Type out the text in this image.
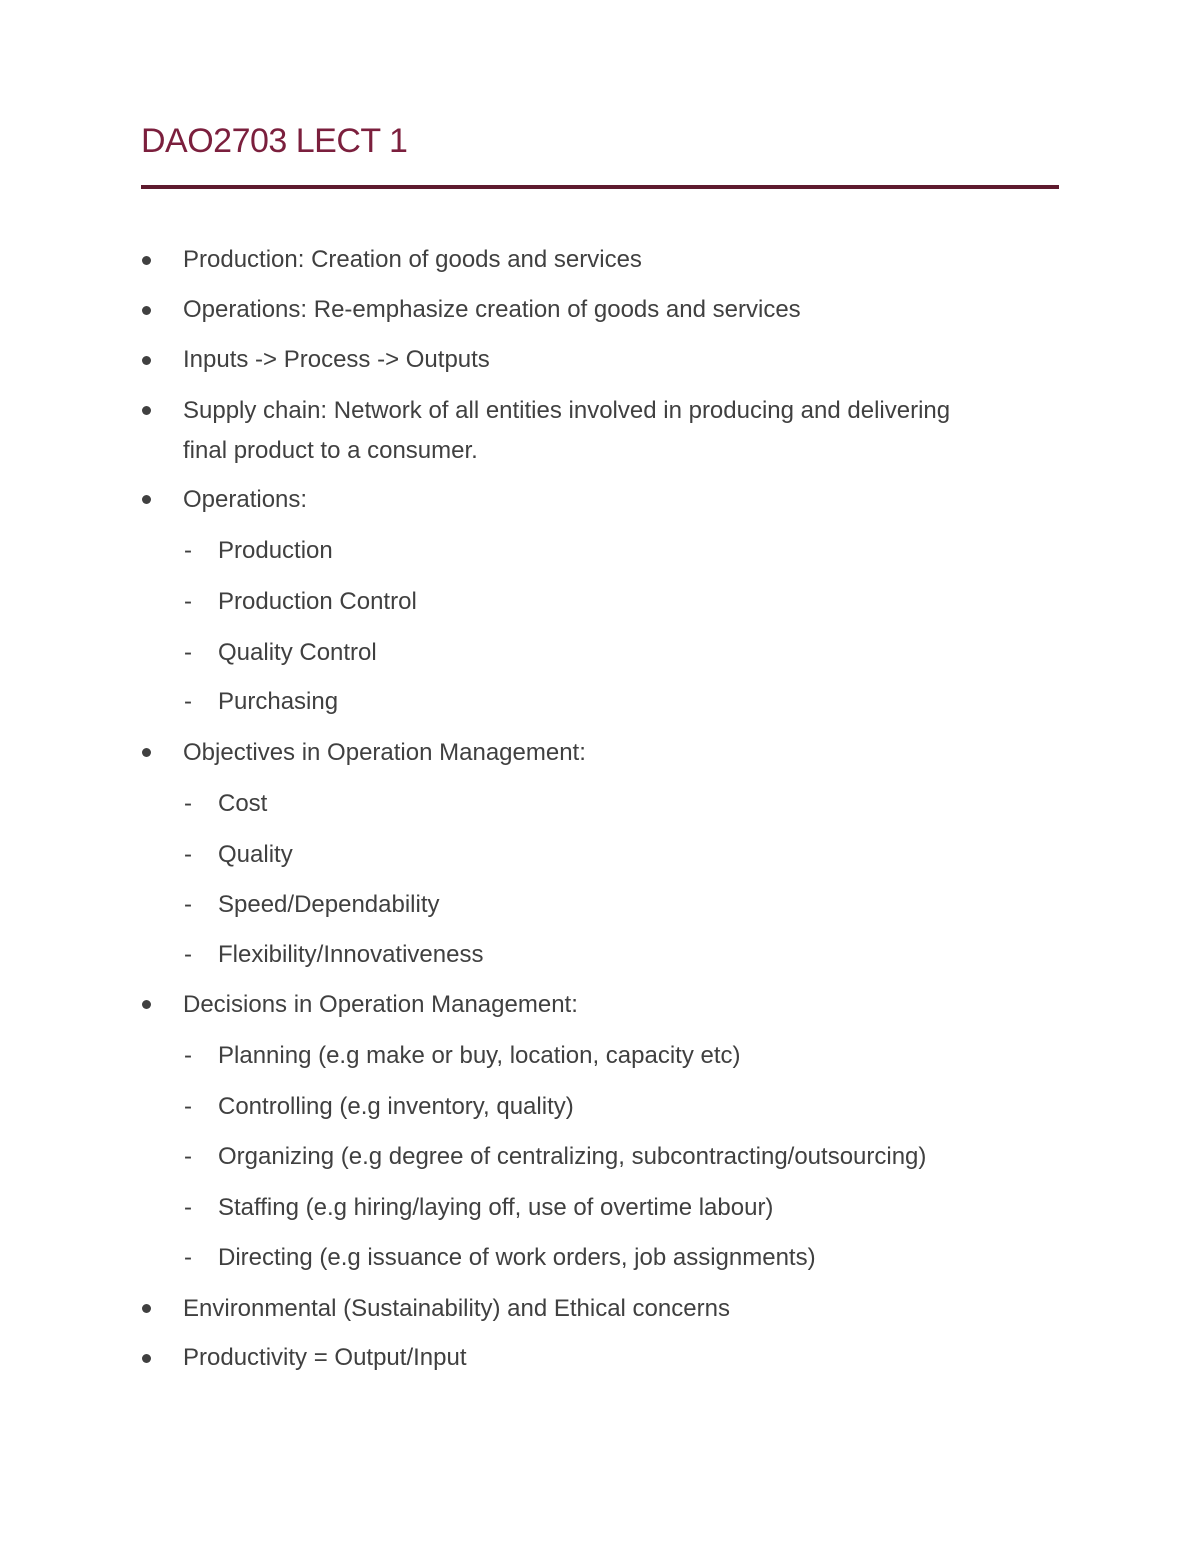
DAO2703 LECT 1
Production: Creation of goods and services
Operations: Re-emphasize creation of goods and services
Inputs -> Process -> Outputs
Supply chain: Network of all entities involved in producing and delivering
final product to a consumer.
Operations:
- Production
- Production Control
- Quality Control
- Purchasing
Objectives in Operation Management:
- Cost
- Quality
- Speed/Dependability
- Flexibility/Innovativeness
Decisions in Operation Management:
- Planning (e.g make or buy, location, capacity etc)
- Controlling (e.g inventory, quality)
- Organizing (e.g degree of centralizing, subcontracting/outsourcing)
- Staffing (e.g hiring/laying off, use of overtime labour)
- Directing (e.g issuance of work orders, job assignments)
Environmental (Sustainability) and Ethical concerns
Productivity = Output/Input
